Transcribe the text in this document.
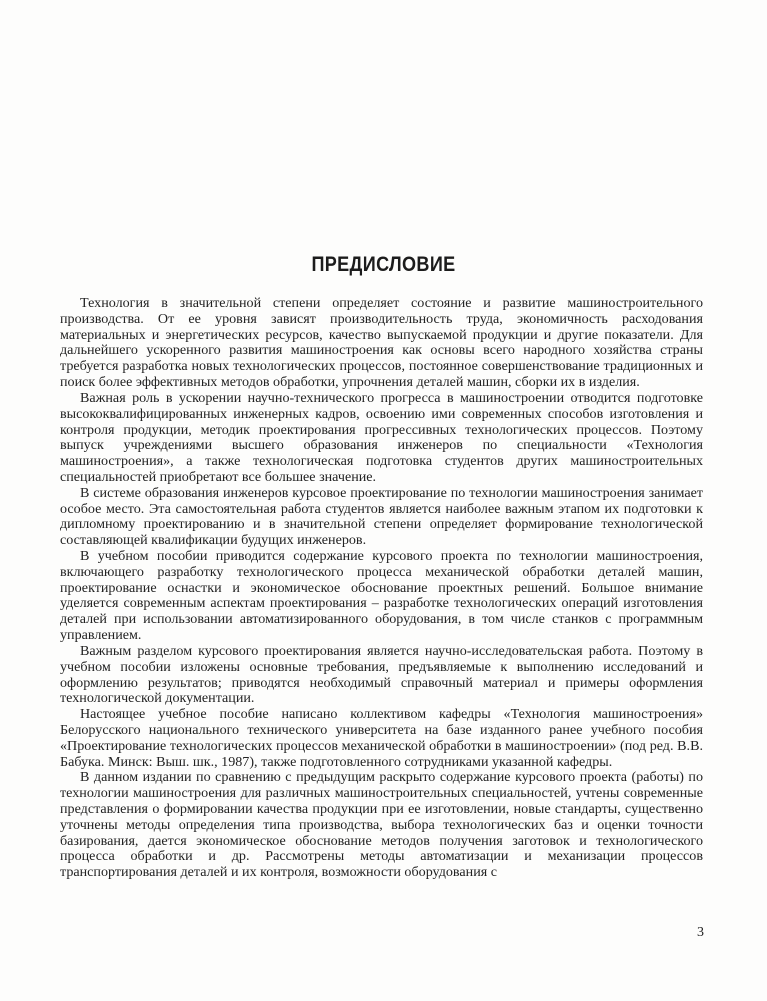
ПРЕДИСЛОВИЕ

Технология в значительной степени определяет состояние и развитие машиностроительного производства. От ее уровня зависят производительность труда, экономичность расходования материальных и энергетических ресурсов, качество выпускаемой продукции и другие показатели. Для дальнейшего ускоренного развития машиностроения как основы всего народного хозяйства страны требуется разработка новых технологических процессов, постоянное совершенствование традиционных и поиск более эффективных методов обработки, упрочнения деталей машин, сборки их в изделия.

Важная роль в ускорении научно-технического прогресса в машиностроении отводится подготовке высококвалифицированных инженерных кадров, освоению ими современных способов изготовления и контроля продукции, методик проектирования прогрессивных технологических процессов. Поэтому выпуск учреждениями высшего образования инженеров по специальности «Технология машиностроения», а также технологическая подготовка студентов других машиностроительных специальностей приобретают все большее значение.

В системе образования инженеров курсовое проектирование по технологии машиностроения занимает особое место. Эта самостоятельная работа студентов является наиболее важным этапом их подготовки к дипломному проектированию и в значительной степени определяет формирование технологической составляющей квалификации будущих инженеров.

В учебном пособии приводится содержание курсового проекта по технологии машиностроения, включающего разработку технологического процесса механической обработки деталей машин, проектирование оснастки и экономическое обоснование проектных решений. Большое внимание уделяется современным аспектам проектирования – разработке технологических операций изготовления деталей при использовании автоматизированного оборудования, в том числе станков с программным управлением.

Важным разделом курсового проектирования является научно-исследовательская работа. Поэтому в учебном пособии изложены основные требования, предъявляемые к выполнению исследований и оформлению результатов; приводятся необходимый справочный материал и примеры оформления технологической документации.

Настоящее учебное пособие написано коллективом кафедры «Технология машиностроения» Белорусского национального технического университета на базе изданного ранее учебного пособия «Проектирование технологических процессов механической обработки в машиностроении» (под ред. В.В. Бабука. Минск: Выш. шк., 1987), также подготовленного сотрудниками указанной кафедры.

В данном издании по сравнению с предыдущим раскрыто содержание курсового проекта (работы) по технологии машиностроения для различных машиностроительных специальностей, учтены современные представления о формировании качества продукции при ее изготовлении, новые стандарты, существенно уточнены методы определения типа производства, выбора технологических баз и оценки точности базирования, дается экономическое обоснование методов получения заготовок и технологического процесса обработки и др. Рассмотрены методы автоматизации и механизации процессов транспортирования деталей и их контроля, возможности оборудования с

3
